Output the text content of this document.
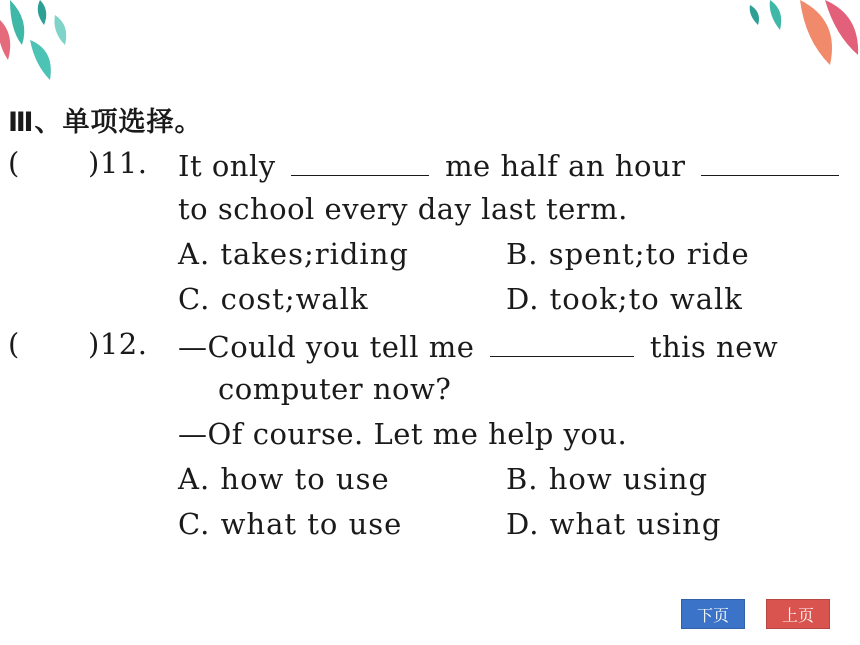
Ⅲ、单项选择。
( )11. It only	me half an hour
to school every day last term.
A. takes;riding	B. spent;to ride
C. cost;walk	D. took;to walk
( )12. —Could you tell me	this new
computer now?
—Of course. Let me help you.
A. how to use	B. how using
C. what to use	D. what using
下页	上页
